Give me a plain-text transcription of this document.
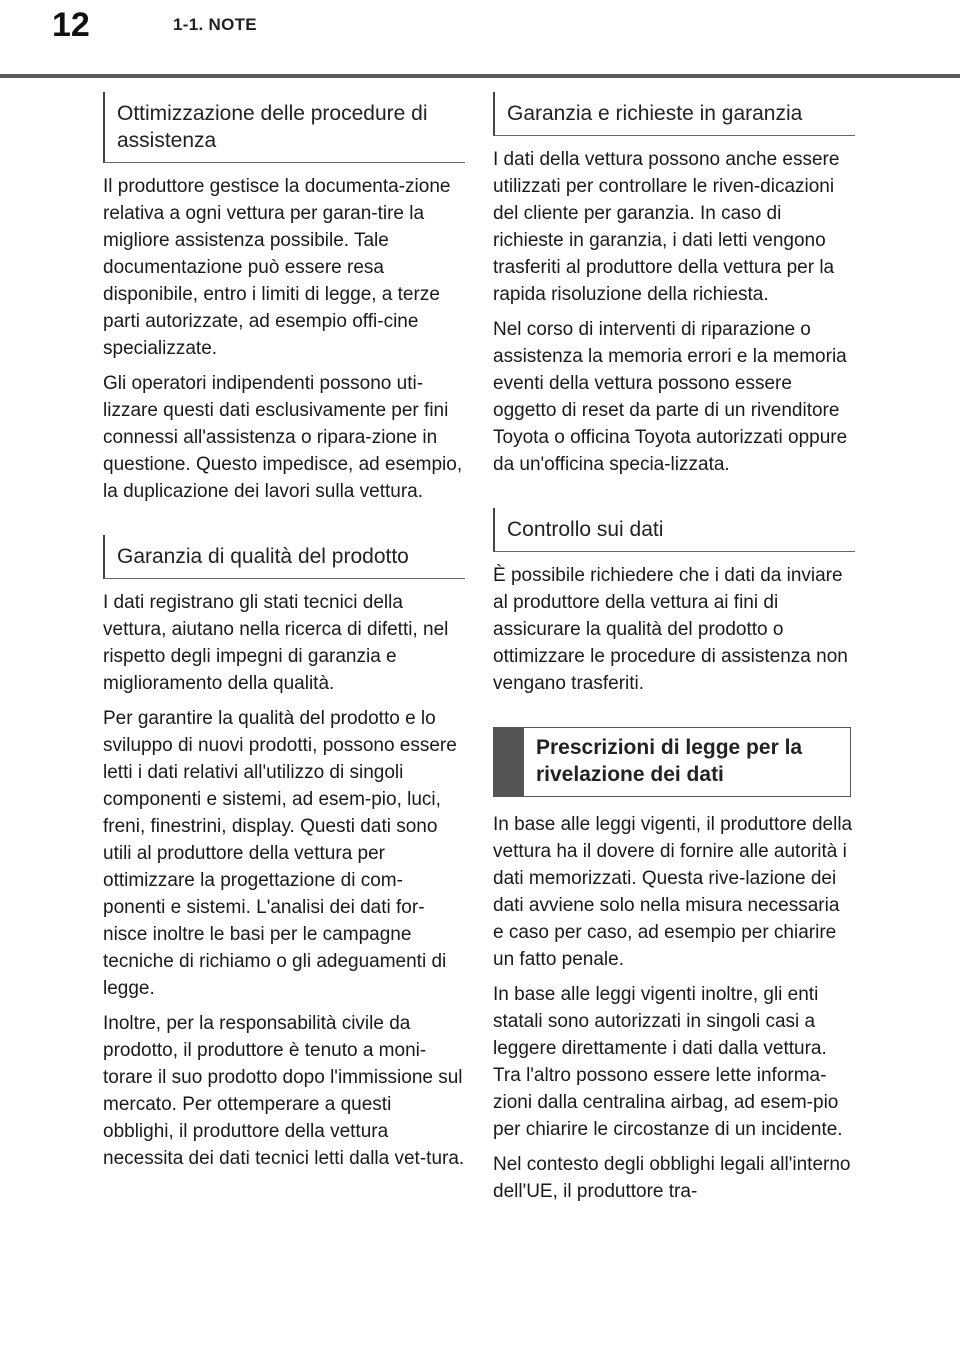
12	1-1. NOTE
Ottimizzazione delle procedure di assistenza

Il produttore gestisce la documenta-zione relativa a ogni vettura per garan-tire la migliore assistenza possibile. Tale documentazione può essere resa disponibile, entro i limiti di legge, a terze parti autorizzate, ad esempio offi-cine specializzate.

Gli operatori indipendenti possono uti-lizzare questi dati esclusivamente per fini connessi all'assistenza o ripara-zione in questione. Questo impedisce, ad esempio, la duplicazione dei lavori sulla vettura.

Garanzia di qualità del prodotto

I dati registrano gli stati tecnici della vettura, aiutano nella ricerca di difetti, nel rispetto degli impegni di garanzia e miglioramento della qualità.

Per garantire la qualità del prodotto e lo sviluppo di nuovi prodotti, possono essere letti i dati relativi all'utilizzo di singoli componenti e sistemi, ad esem-pio, luci, freni, finestrini, display. Questi dati sono utili al produttore della vettura per ottimizzare la progettazione di com-ponenti e sistemi. L'analisi dei dati for-nisce inoltre le basi per le campagne tecniche di richiamo o gli adeguamenti di legge.

Inoltre, per la responsabilità civile da prodotto, il produttore è tenuto a moni-torare il suo prodotto dopo l'immissione sul mercato. Per ottemperare a questi obblighi, il produttore della vettura necessita dei dati tecnici letti dalla vet-tura.

Garanzia e richieste in garanzia

I dati della vettura possono anche essere utilizzati per controllare le riven-dicazioni del cliente per garanzia. In caso di richieste in garanzia, i dati letti vengono trasferiti al produttore della vettura per la rapida risoluzione della richiesta.

Nel corso di interventi di riparazione o assistenza la memoria errori e la memoria eventi della vettura possono essere oggetto di reset da parte di un rivenditore Toyota o officina Toyota autorizzati oppure da un'officina specia-lizzata.

Controllo sui dati

È possibile richiedere che i dati da inviare al produttore della vettura ai fini di assicurare la qualità del prodotto o ottimizzare le procedure di assistenza non vengano trasferiti.

Prescrizioni di legge per la rivelazione dei dati

In base alle leggi vigenti, il produttore della vettura ha il dovere di fornire alle autorità i dati memorizzati. Questa rive-lazione dei dati avviene solo nella misura necessaria e caso per caso, ad esempio per chiarire un fatto penale.

In base alle leggi vigenti inoltre, gli enti statali sono autorizzati in singoli casi a leggere direttamente i dati dalla vettura. Tra l'altro possono essere lette informa-zioni dalla centralina airbag, ad esem-pio per chiarire le circostanze di un incidente.

Nel contesto degli obblighi legali all'interno dell'UE, il produttore tra-
